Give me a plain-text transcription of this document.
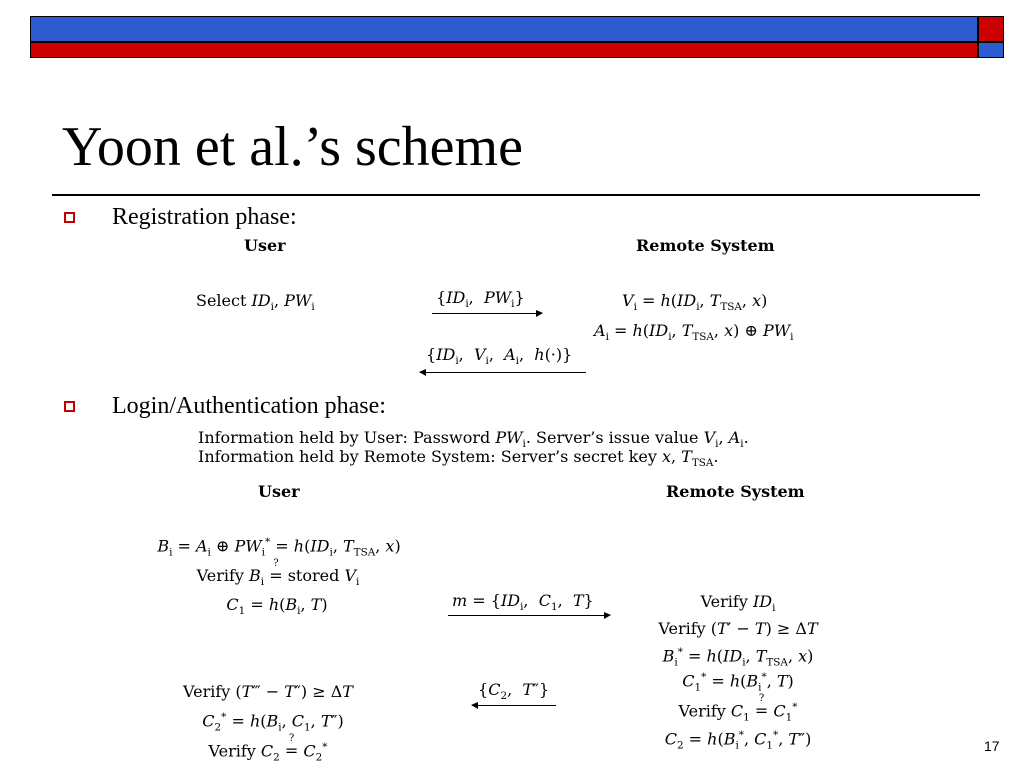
Yoon et al.’s scheme
Registration phase:
User	Remote System
Select $ID_i$, $PW_i$
{$ID_i$,  $PW_i$}	$V_i = h(ID_i$, $T_{TSA}$, x)
$A_i = h(ID_i$, $T_{TSA}$, x) ⊕ $PW_i$
{$ID_i$,  $V_i$,  $A_i$,  h(·)}
Login/Authentication phase:
Information held by User: Password $PW_i$. Server’s issue value $V_i$, $A_i$.
Information held by Remote System: Server’s secret key x, $T_{TSA}$.
User	Remote System
$B_i = A_i$ ⊕ $PW_i^* = h(ID_i$, $T_{TSA}$, x)
Verify $B_i$
?
= stored $V_i$
$C_1 = h(B_i$, T)
Verify (T‴ − T″) ≥ ΔT
$C_2^* = h(B_i$, $C_1$, T″)
Verify $C_2$
?
= $C_2^*$
$m = \{ID_i$,  $C_1$,  T}
{$C_2$,  T″}
Verify $ID_i$
Verify (T′ − T) ≥ ΔT
$B_i^* = h(ID_i$, $T_{TSA}$, x)
$C_1^* = h(B_i^*$, T)
Verify $C_1$
?
= $C_1^*$
$C_2 = h(B_i^*$, $C_1^*$, T″)	17
